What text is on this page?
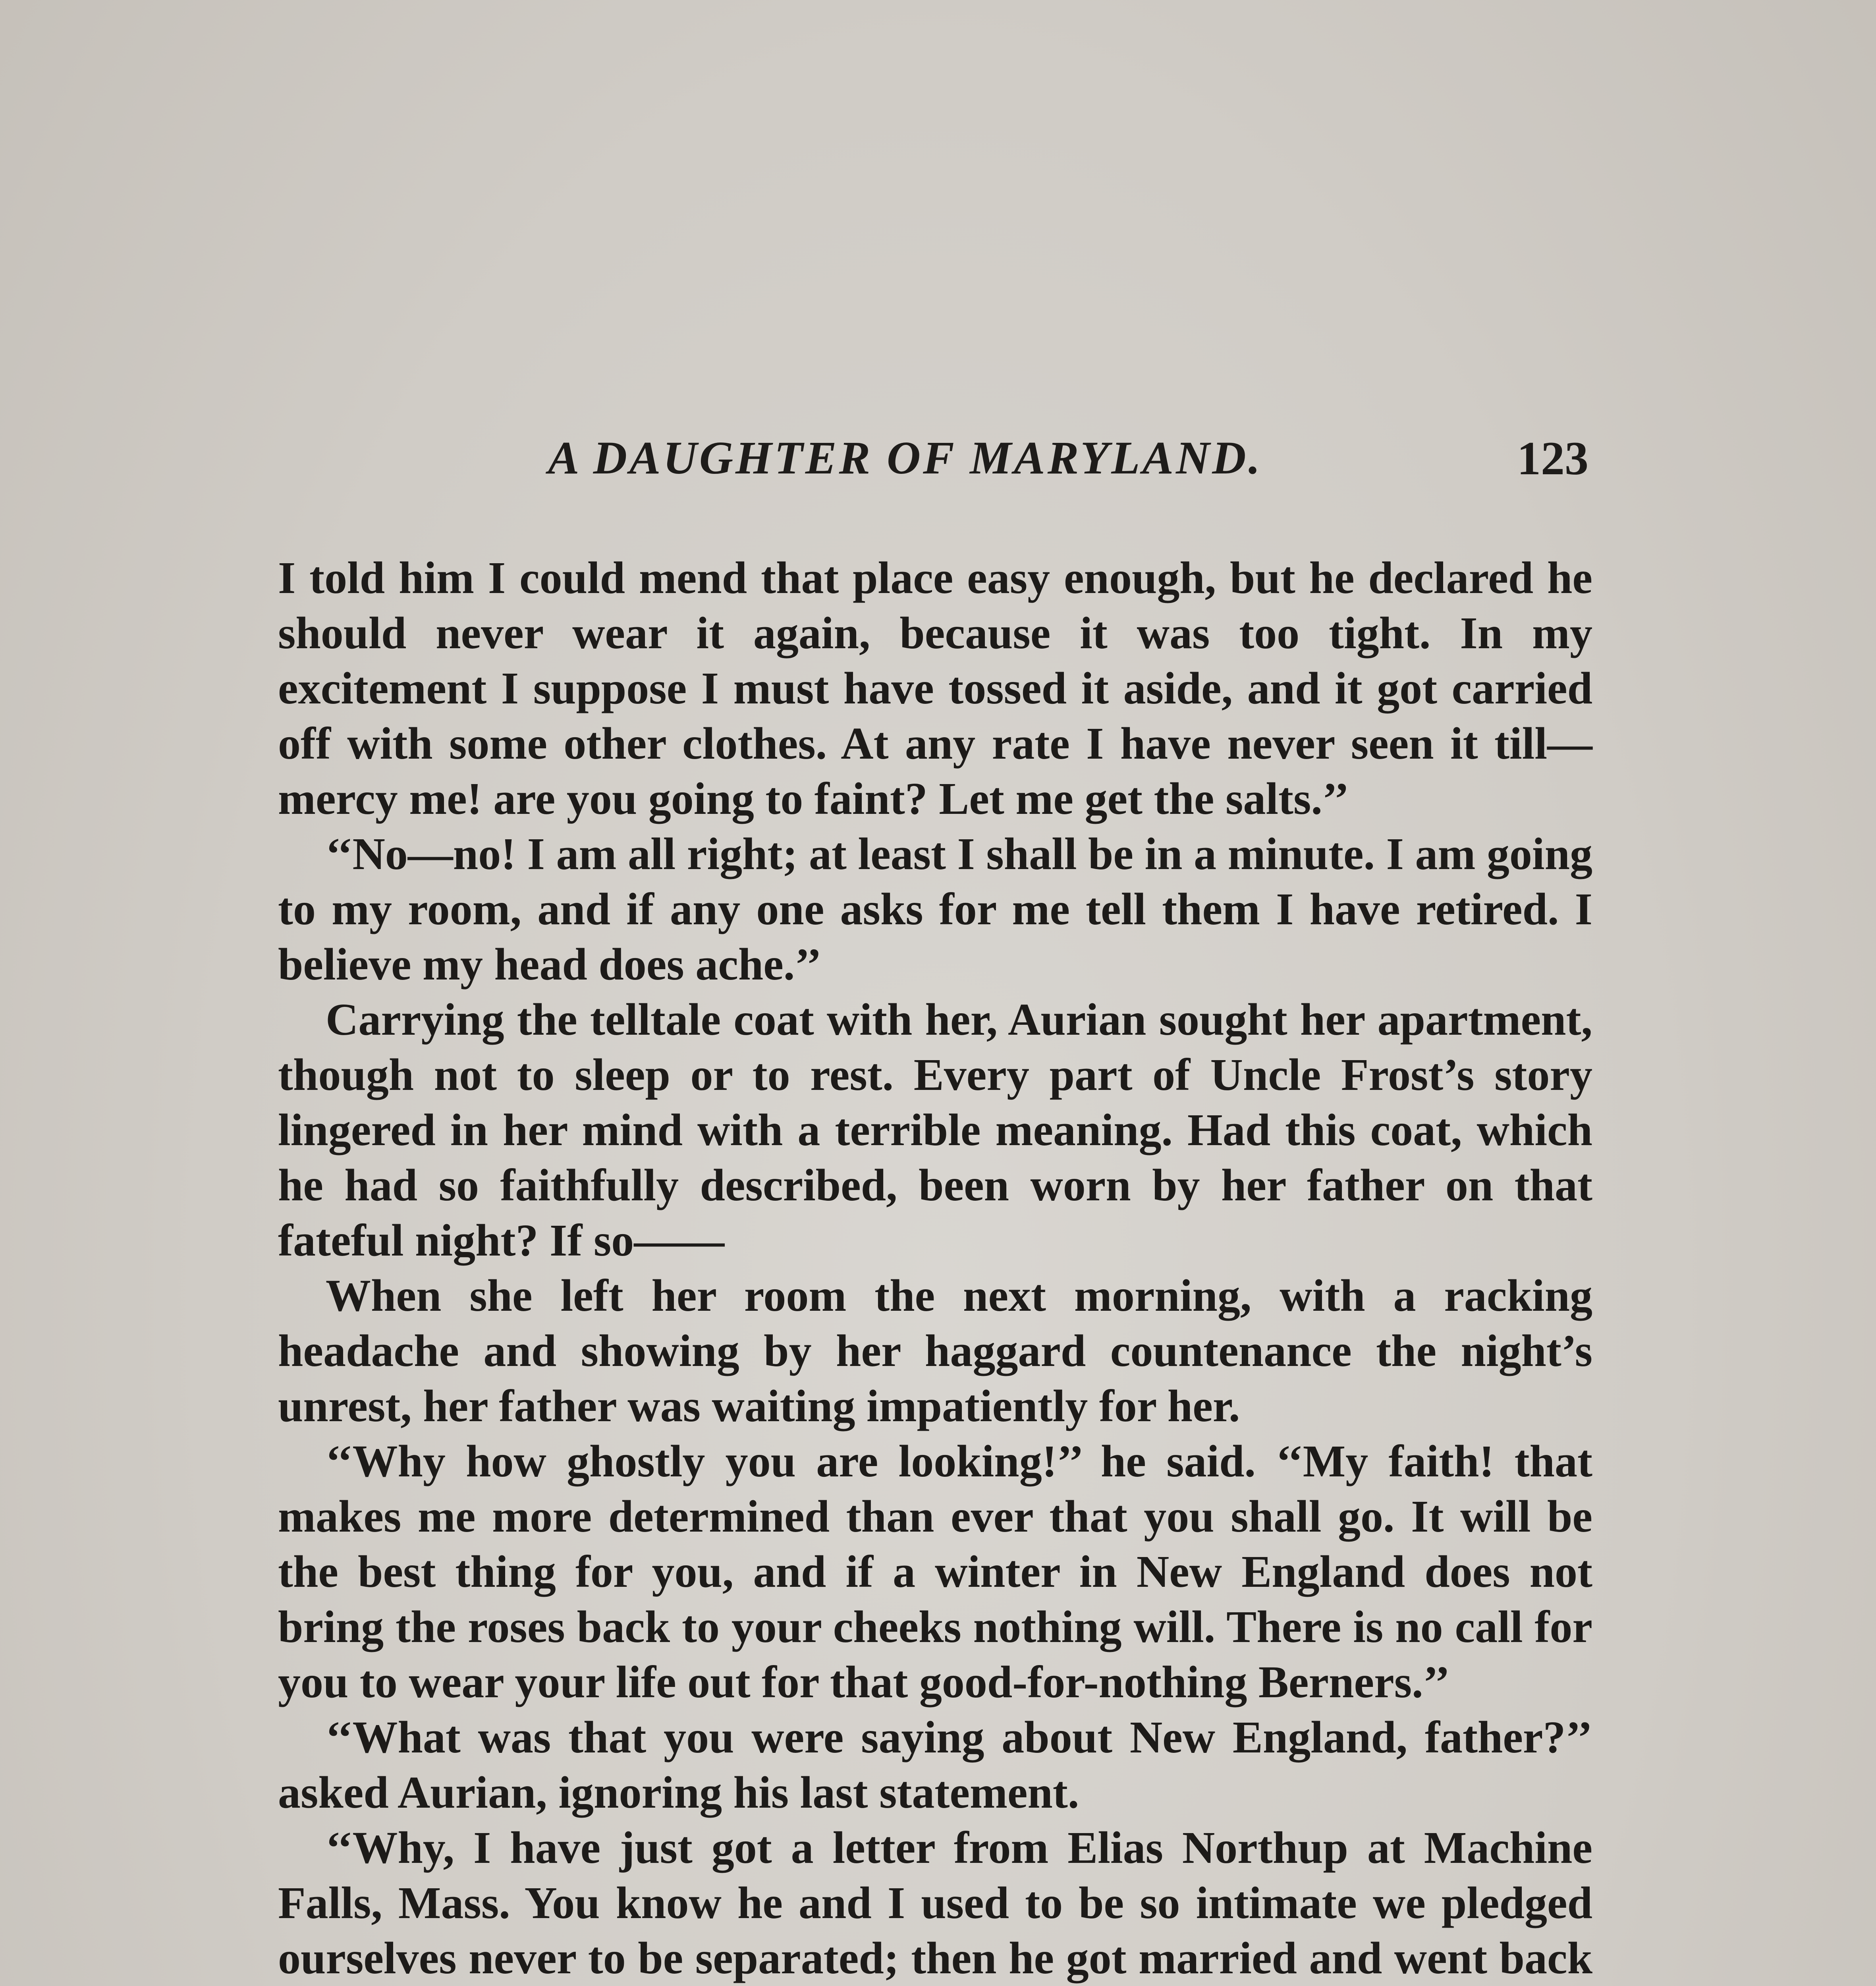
A DAUGHTER OF MARYLAND.	123

I told him I could mend that place easy enough, but he declared he should never wear it again, because it was too tight. In my excitement I suppose I must have tossed it aside, and it got carried off with some other clothes. At any rate I have never seen it till—mercy me! are you going to faint? Let me get the salts.’’

‘‘No—no! I am all right; at least I shall be in a minute. I am going to my room, and if any one asks for me tell them I have retired. I believe my head does ache.’’

Carrying the telltale coat with her, Aurian sought her apartment, though not to sleep or to rest. Every part of Uncle Frost’s story lingered in her mind with a terrible meaning. Had this coat, which he had so faithfully described, been worn by her father on that fateful night? If so——

When she left her room the next morning, with a racking headache and showing by her haggard countenance the night’s unrest, her father was waiting impatiently for her.

‘‘Why how ghostly you are looking!’’ he said. ‘‘My faith! that makes me more determined than ever that you shall go. It will be the best thing for you, and if a winter in New England does not bring the roses back to your cheeks nothing will. There is no call for you to wear your life out for that good-for-nothing Berners.’’

‘‘What was that you were saying about New England, father?’’ asked Aurian, ignoring his last statement.

‘‘Why, I have just got a letter from Elias Northup at Machine Falls, Mass. You know he and I used to be so intimate we pledged ourselves never to be separated; then he got married and went back
